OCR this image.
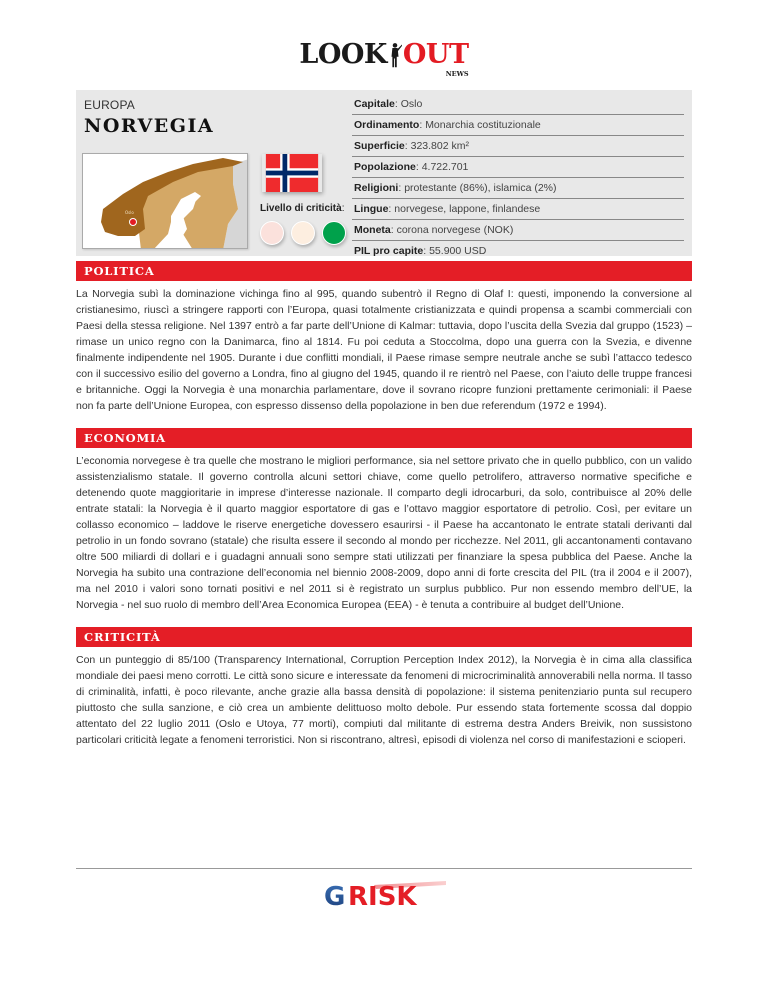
LOOK OUT
NEWS
EUROPA
NORVEGIA
Oslo	Livello di criticità:
Capitale: Oslo
Ordinamento: Monarchia costituzionale
Superficie: 323.802 km²
Popolazione: 4.722.701
Religioni: protestante (86%), islamica (2%)
Lingue: norvegese, lappone, finlandese
Moneta: corona norvegese (NOK)
PIL pro capite: 55.900 USD
POLITICA

La Norvegia subì la dominazione vichinga fino al 995, quando subentrò il Regno di Olaf I: questi, imponendo la conversione al cristianesimo, riuscì a stringere rapporti con l’Europa, quasi totalmente cristianizzata e quindi propensa a scambi commerciali con Paesi della stessa religione. Nel 1397 entrò a far parte dell’Unione di Kalmar: tuttavia, dopo l’uscita della Svezia dal gruppo (1523) – rimase un unico regno con la Danimarca, fino al 1814. Fu poi ceduta a Stoccolma, dopo una guerra con la Svezia, e divenne finalmente indipendente nel 1905. Durante i due conflitti mondiali, il Paese rimase sempre neutrale anche se subì l’attacco tedesco con il successivo esilio del governo a Londra, fino al giugno del 1945, quando il re rientrò nel Paese, con l’aiuto delle truppe francesi e britanniche. Oggi la Norvegia è una monarchia parlamentare, dove il sovrano ricopre funzioni prettamente cerimoniali: il Paese non fa parte dell’Unione Europea, con espresso dissenso della popolazione in ben due referendum (1972 e 1994).

ECONOMIA

L’economia norvegese è tra quelle che mostrano le migliori performance, sia nel settore privato che in quello pubblico, con un valido assistenzialismo statale. Il governo controlla alcuni settori chiave, come quello petrolifero, attraverso normative specifiche e detenendo quote maggioritarie in imprese d’interesse nazionale. Il comparto degli idrocarburi, da solo, contribuisce al 20% delle entrate statali: la Norvegia è il quarto maggior esportatore di gas e l’ottavo maggior esportatore di petrolio. Così, per evitare un collasso economico – laddove le riserve energetiche dovessero esaurirsi - il Paese ha accantonato le entrate statali derivanti dal petrolio in un fondo sovrano (statale) che risulta essere il secondo al mondo per ricchezze. Nel 2011, gli accantonamenti contavano oltre 500 miliardi di dollari e i guadagni annuali sono sempre stati utilizzati per finanziare la spesa pubblica del Paese. Anche la Norvegia ha subito una contrazione dell’economia nel biennio 2008-2009, dopo anni di forte crescita del PIL (tra il 2004 e il 2007), ma nel 2010 i valori sono tornati positivi e nel 2011 si è registrato un surplus pubblico. Pur non essendo membro dell’UE, la Norvegia - nel suo ruolo di membro dell’Area Economica Europea (EEA) - è tenuta a contribuire al budget dell’Unione.

CRITICITÀ

Con un punteggio di 85/100 (Transparency International, Corruption Perception Index 2012), la Norvegia è in cima alla classifica mondiale dei paesi meno corrotti. Le città sono sicure e interessate da fenomeni di microcriminalità annoverabili nella norma. Il tasso di criminalità, infatti, è poco rilevante, anche grazie alla bassa densità di popolazione: il sistema penitenziario punta sul recupero piuttosto che sulla sanzione, e ciò crea un ambiente delittuoso molto debole. Pur essendo stata fortemente scossa dal doppio attentato del 22 luglio 2011 (Oslo e Utoya, 77 morti), compiuti dal militante di estrema destra Anders Breivik, non sussistono particolari criticità legate a fenomeni terroristici. Non si riscontrano, altresì, episodi di violenza nel corso di manifestazioni e scioperi.

G RISK
